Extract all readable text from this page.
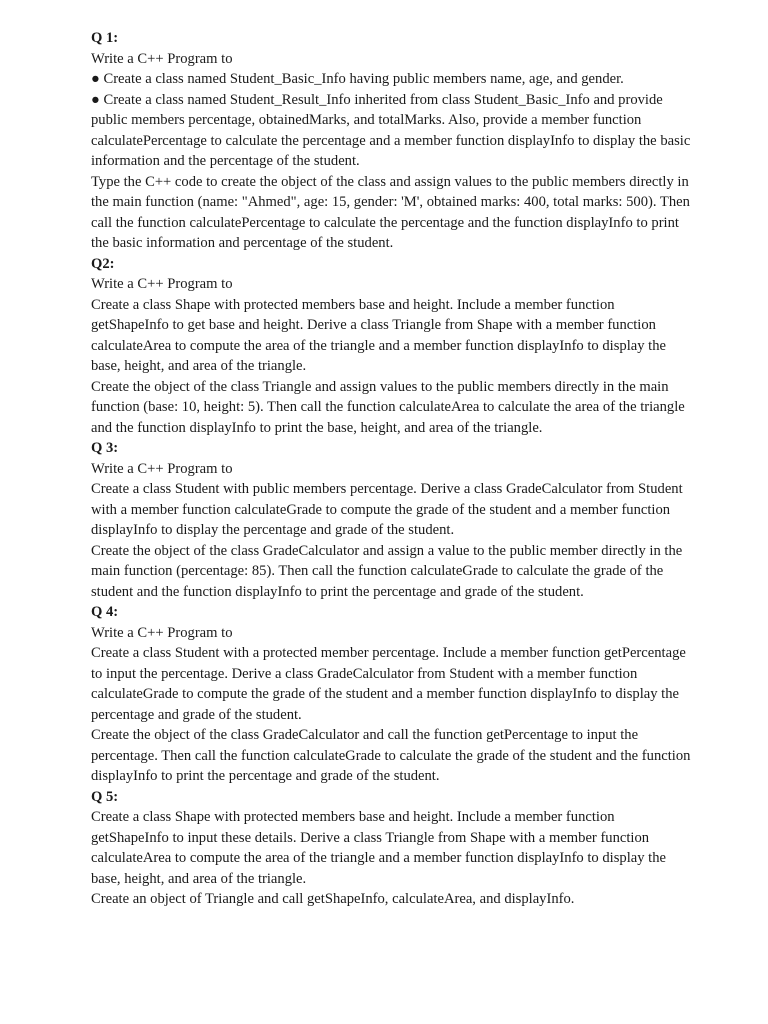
Q 1:

Write a C++ Program to

● Create a class named Student_Basic_Info having public members name, age, and gender.

● Create a class named Student_Result_Info inherited from class Student_Basic_Info and provide public members percentage, obtainedMarks, and totalMarks. Also, provide a member function calculatePercentage to calculate the percentage and a member function displayInfo to display the basic information and the percentage of the student.

Type the C++ code to create the object of the class and assign values to the public members directly in the main function (name: "Ahmed", age: 15, gender: 'M', obtained marks: 400, total marks: 500). Then call the function calculatePercentage to calculate the percentage and the function displayInfo to print the basic information and percentage of the student.

Q2:

Write a C++ Program to

Create a class Shape with protected members base and height. Include a member function getShapeInfo to get base and height. Derive a class Triangle from Shape with a member function calculateArea to compute the area of the triangle and a member function displayInfo to display the base, height, and area of the triangle.

Create the object of the class Triangle and assign values to the public members directly in the main function (base: 10, height: 5). Then call the function calculateArea to calculate the area of the triangle and the function displayInfo to print the base, height, and area of the triangle.

Q 3:

Write a C++ Program to

Create a class Student with public members percentage. Derive a class GradeCalculator from Student with a member function calculateGrade to compute the grade of the student and a member function displayInfo to display the percentage and grade of the student.

Create the object of the class GradeCalculator and assign a value to the public member directly in the main function (percentage: 85). Then call the function calculateGrade to calculate the grade of the student and the function displayInfo to print the percentage and grade of the student.

Q 4:

Write a C++ Program to

Create a class Student with a protected member percentage. Include a member function getPercentage to input the percentage. Derive a class GradeCalculator from Student with a member function calculateGrade to compute the grade of the student and a member function displayInfo to display the percentage and grade of the student.

Create the object of the class GradeCalculator and call the function getPercentage to input the percentage. Then call the function calculateGrade to calculate the grade of the student and the function displayInfo to print the percentage and grade of the student.

Q 5:

Create a class Shape with protected members base and height. Include a member function getShapeInfo to input these details. Derive a class Triangle from Shape with a member function calculateArea to compute the area of the triangle and a member function displayInfo to display the base, height, and area of the triangle.

Create an object of Triangle and call getShapeInfo, calculateArea, and displayInfo.
